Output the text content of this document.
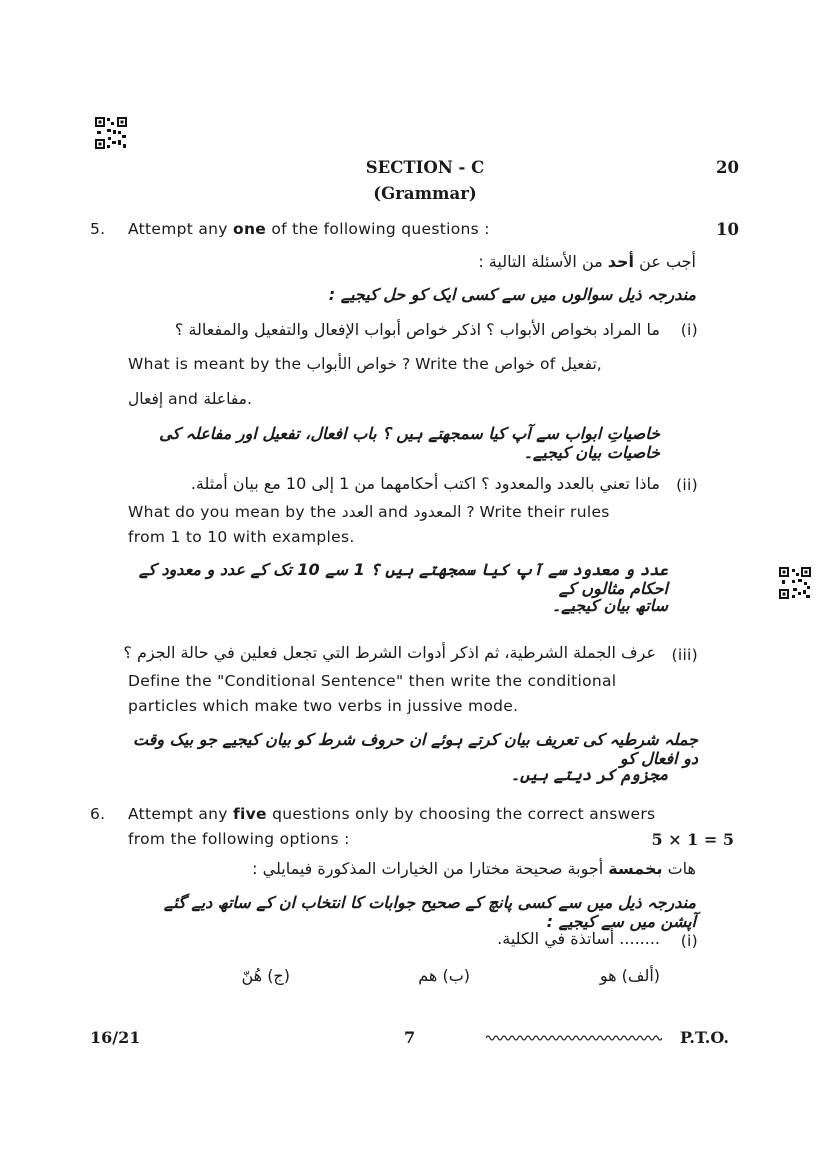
SECTION - C	20
(Grammar)
5. Attempt any one of the following questions :	10
أجب عن أحد من الأسئلة التالية :
مندرجہ ذیل سوالوں میں سے کسی ایک کو حل کیجیے :
(i)
ما المراد بخواص الأبواب ؟ اذكر خواص أبواب الإفعال والتفعيل والمفعالة ؟
What is meant by the خواص الأبواب ? Write the خواص of تفعيل,
إفعال and مفاعلة.
خاصیاتِ ابواب سے آپ کیا سمجھتے ہیں ؟ باب افعال، تفعیل اور مفاعلہ کی خاصیات بیان کیجیے۔
(ii)
ماذا تعني بالعدد والمعدود ؟ اكتب أحكامهما من 1 إلى 10 مع بيان أمثلة.
What do you mean by the العدد and المعدود ? Write their rules
from 1 to 10 with examples.
عدد و معدود سے آپ کیا سمجھتے ہیں ؟ 1 سے 10 تک کے عدد و معدود کے احکام مثالوں کے
ساتھ بیان کیجیے۔
(iii)
عرف الجملة الشرطية، ثم اذكر أدوات الشرط التي تجعل فعلين في حالة الجزم ؟
Define the "Conditional Sentence" then write the conditional
particles which make two verbs in jussive mode.
جملہ شرطیہ کی تعریف بیان کرتے ہوئے ان حروف شرط کو بیان کیجیے جو بیک وقت دو افعال کو
مجزوم کر دیتے ہیں۔
6. Attempt any five questions only by choosing the correct answers
from the following options :	5 × 1 = 5
هات بخمسة أجوبة صحيحة مختارا من الخيارات المذكورة فيمايلي :
مندرجہ ذیل میں سے کسی پانچ کے صحیح جوابات کا انتخاب ان کے ساتھ دیے گئے آپشن میں سے کیجیے :
(i)
........ أساتذة في الكلية.
(ألف) هو
(ب) هم
(ج) هُنّ
16/21	7	P.T.O.
